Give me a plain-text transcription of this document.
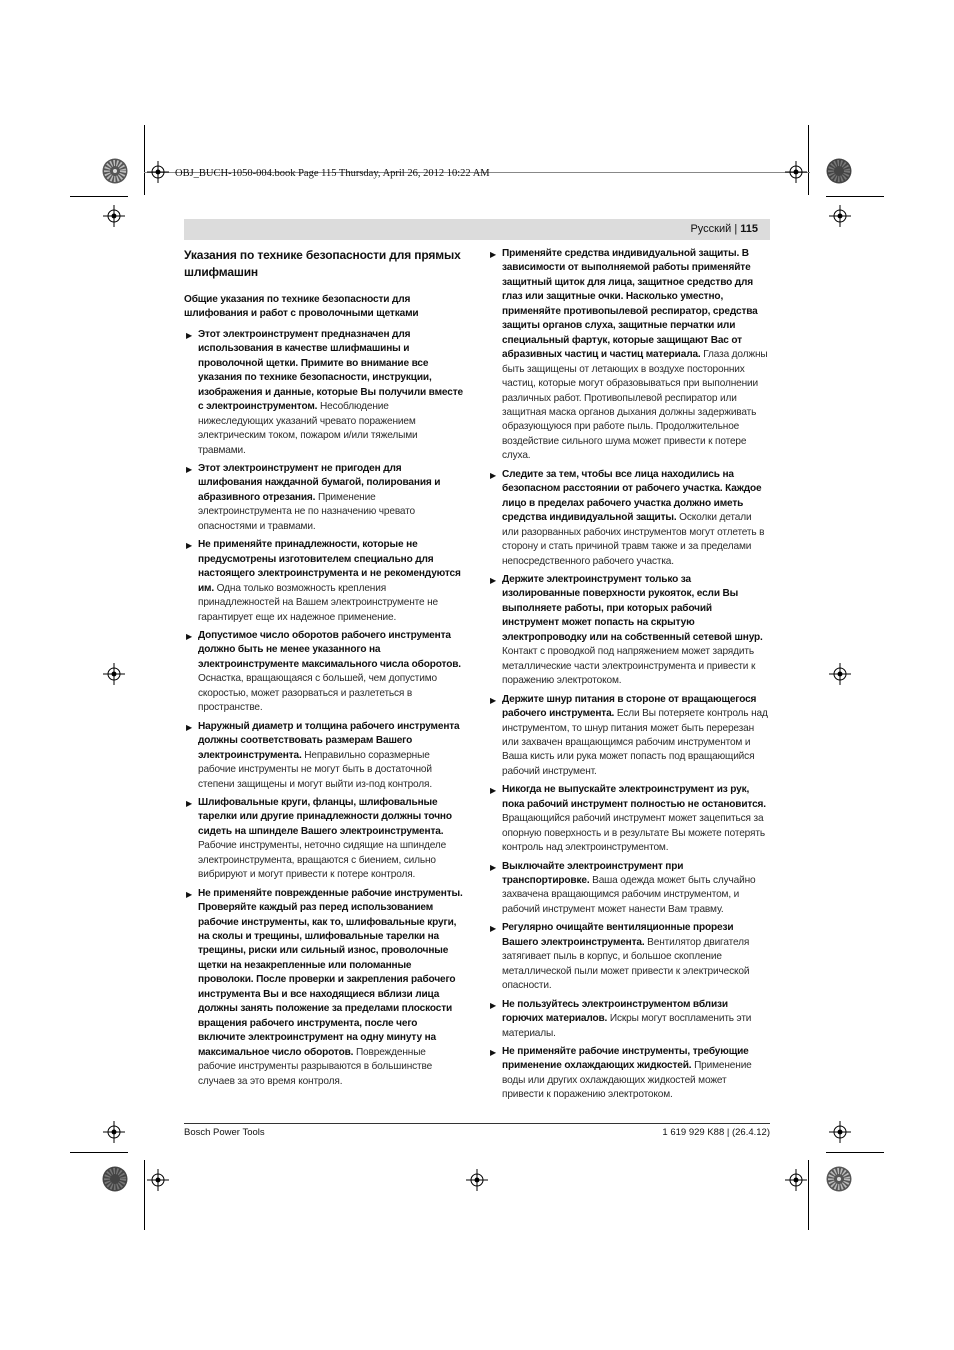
OBJ_BUCH-1050-004.book Page 115 Thursday, April 26, 2012 10:22 AM
Русский | 115
Указания по технике безопасности для прямых шлифмашин
Общие указания по технике безопасности для шлифования и работ с проволочными щетками
▶ Этот электроинструмент предназначен для использования в качестве шлифмашины и проволочной щетки. Примите во внимание все указания по технике безопасности, инструкции, изображения и данные, которые Вы получили вместе с электроинструментом. Несоблюдение нижеследующих указаний чревато поражением электрическим током, пожаром и/или тяжелыми травмами.
▶ Этот электроинструмент не пригоден для шлифования наждачной бумагой, полирования и абразивного отрезания. Применение электроинструмента не по назначению чревато опасностями и травмами.
▶ Не применяйте принадлежности, которые не предусмотрены изготовителем специально для настоящего электроинструмента и не рекомендуются им. Одна только возможность крепления принадлежностей на Вашем электроинструменте не гарантирует еще их надежное применение.
▶ Допустимое число оборотов рабочего инструмента должно быть не менее указанного на электроинструменте максимального числа оборотов. Оснастка, вращающаяся с большей, чем допустимо скоростью, может разорваться и разлететься в пространстве.
▶ Наружный диаметр и толщина рабочего инструмента должны соответствовать размерам Вашего электроинструмента. Неправильно соразмерные рабочие инструменты не могут быть в достаточной степени защищены и могут выйти из-под контроля.
▶ Шлифовальные круги, фланцы, шлифовальные тарелки или другие принадлежности должны точно сидеть на шпинделе Вашего электроинструмента. Рабочие инструменты, неточно сидящие на шпинделе электроинструмента, вращаются с биением, сильно вибрируют и могут привести к потере контроля.
▶ Не применяйте поврежденные рабочие инструменты. Проверяйте каждый раз перед использованием рабочие инструменты, как то, шлифовальные круги, на сколы и трещины, шлифовальные тарелки на трещины, риски или сильный износ, проволочные щетки на незакрепленные или поломанные проволоки. После проверки и закрепления рабочего инструмента Вы и все находящиеся вблизи лица должны занять положение за пределами плоскости вращения рабочего инструмента, после чего включите электроинструмент на одну минуту на максимальное число оборотов. Поврежденные рабочие инструменты разрываются в большинстве случаев за это время контроля.
▶ Применяйте средства индивидуальной защиты. В зависимости от выполняемой работы применяйте защитный щиток для лица, защитное средство для глаз или защитные очки. Насколько уместно, применяйте противопылевой респиратор, средства защиты органов слуха, защитные перчатки или специальный фартук, которые защищают Вас от абразивных частиц и частиц материала. Глаза должны быть защищены от летающих в воздухе посторонних частиц, которые могут образовываться при выполнении различных работ. Противопылевой респиратор или защитная маска органов дыхания должны задерживать образующуюся при работе пыль. Продолжительное воздействие сильного шума может привести к потере слуха.
▶ Следите за тем, чтобы все лица находились на безопасном расстоянии от рабочего участка. Каждое лицо в пределах рабочего участка должно иметь средства индивидуальной защиты. Осколки детали или разорванных рабочих инструментов могут отлететь в сторону и стать причиной травм также и за пределами непосредственного рабочего участка.
▶ Держите электроинструмент только за изолированные поверхности рукояток, если Вы выполняете работы, при которых рабочий инструмент может попасть на скрытую электропроводку или на собственный сетевой шнур. Контакт с проводкой под напряжением может зарядить металлические части электроинструмента и привести к поражению электротоком.
▶ Держите шнур питания в стороне от вращающегося рабочего инструмента. Если Вы потеряете контроль над инструментом, то шнур питания может быть перерезан или захвачен вращающимся рабочим инструментом и Ваша кисть или рука может попасть под вращающийся рабочий инструмент.
▶ Никогда не выпускайте электроинструмент из рук, пока рабочий инструмент полностью не остановится. Вращающийся рабочий инструмент может зацепиться за опорную поверхность и в результате Вы можете потерять контроль над электроинструментом.
▶ Выключайте электроинструмент при транспортировке. Ваша одежда может быть случайно захвачена вращающимся рабочим инструментом, и рабочий инструмент может нанести Вам травму.
▶ Регулярно очищайте вентиляционные прорези Вашего электроинструмента. Вентилятор двигателя затягивает пыль в корпус, и большое скопление металлической пыли может привести к электрической опасности.
▶ Не пользуйтесь электроинструментом вблизи горючих материалов. Искры могут воспламенить эти материалы.
▶ Не применяйте рабочие инструменты, требующие применение охлаждающих жидкостей. Применение воды или других охлаждающих жидкостей может привести к поражению электротоком.
Bosch Power Tools	1 619 929 K88 | (26.4.12)
